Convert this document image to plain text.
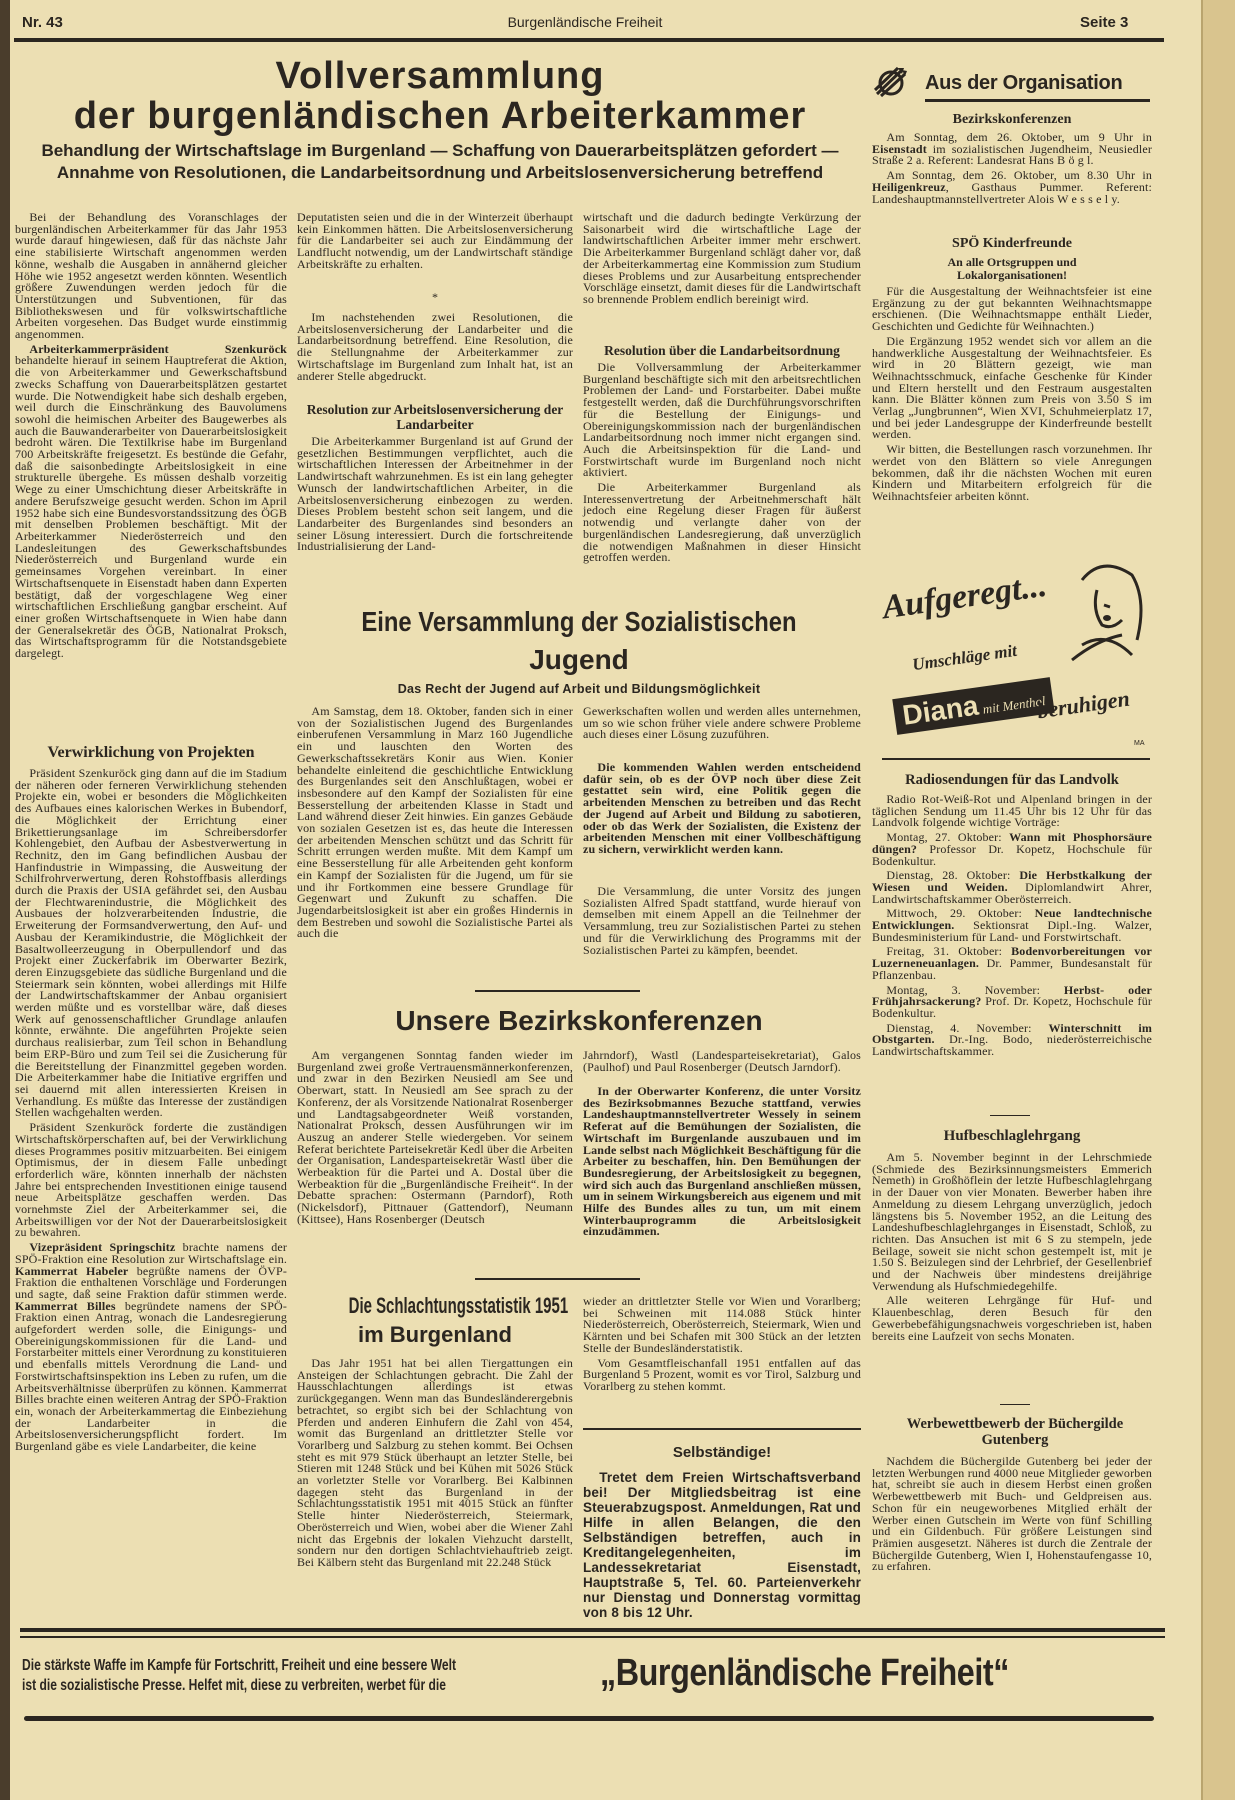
Nr. 43	Burgenländische Freiheit	Seite 3
Vollversammlung
der burgenländischen Arbeiterkammer
Behandlung der Wirtschaftslage im Burgenland — Schaffung von Dauerarbeitsplätzen gefordert — Annahme von Resolutionen, die Landarbeitsordnung und Arbeitslosenversicherung betreffend

Bei der Behandlung des Voranschlages der burgenländischen Arbeiterkammer für das Jahr 1953 wurde darauf hingewiesen, daß für das nächste Jahr eine stabilisierte Wirtschaft angenommen werden könne, weshalb die Ausgaben in annähernd gleicher Höhe wie 1952 angesetzt werden könnten. Wesentlich größere Zuwendungen werden jedoch für die Unterstützungen und Subventionen, für das Bibliothekswesen und für volkswirtschaftliche Arbeiten vorgesehen. Das Budget wurde einstimmig angenommen.

Arbeiterkammerpräsident Szenkuröck behandelte hierauf in seinem Hauptreferat die Aktion, die von Arbeiterkammer und Gewerkschaftsbund zwecks Schaffung von Dauerarbeitsplätzen gestartet wurde. Die Notwendigkeit habe sich deshalb ergeben, weil durch die Einschränkung des Bauvolumens sowohl die heimischen Arbeiter des Baugewerbes als auch die Bauwanderarbeiter von Dauerarbeitslosigkeit bedroht wären. Die Textilkrise habe im Burgenland 700 Arbeitskräfte freigesetzt. Es bestünde die Gefahr, daß die saisonbedingte Arbeitslosigkeit in eine strukturelle übergehe. Es müssen deshalb vorzeitig Wege zu einer Umschichtung dieser Arbeitskräfte in andere Berufszweige gesucht werden. Schon im April 1952 habe sich eine Bundesvorstandssitzung des ÖGB mit denselben Problemen beschäftigt. Mit der Arbeiterkammer Niederösterreich und den Landesleitungen des Gewerkschaftsbundes Niederösterreich und Burgenland wurde ein gemeinsames Vorgehen vereinbart. In einer Wirtschaftsenquete in Eisenstadt haben dann Experten bestätigt, daß der vorgeschlagene Weg einer wirtschaftlichen Erschließung gangbar erscheint. Auf einer großen Wirtschaftsenquete in Wien habe dann der Generalsekretär des ÖGB, Nationalrat Proksch, das Wirtschaftsprogramm für die Notstandsgebiete dargelegt.

Verwirklichung von Projekten

Präsident Szenkuröck ging dann auf die im Stadium der näheren oder ferneren Verwirklichung stehenden Projekte ein, wobei er besonders die Möglichkeiten des Aufbaues eines kalorischen Werkes in Bubendorf, die Möglichkeit der Errichtung einer Brikettierungsanlage im Schreibersdorfer Kohlengebiet, den Aufbau der Asbestverwertung in Rechnitz, den im Gang befindlichen Ausbau der Hanfindustrie in Wimpassing, die Ausweitung der Schilfrohrverwertung, deren Rohstoffbasis allerdings durch die Praxis der USIA gefährdet sei, den Ausbau der Flechtwarenindustrie, die Möglichkeit des Ausbaues der holzverarbeitenden Industrie, die Erweiterung der Formsandverwertung, den Auf- und Ausbau der Keramikindustrie, die Möglichkeit der Basaltwolleerzeugung in Oberpullendorf und das Projekt einer Zuckerfabrik im Oberwarter Bezirk, deren Einzugsgebiete das südliche Burgenland und die Steiermark sein könnten, wobei allerdings mit Hilfe der Landwirtschaftskammer der Anbau organisiert werden müßte und es vorstellbar wäre, daß dieses Werk auf genossenschaftlicher Grundlage anlaufen könnte, erwähnte. Die angeführten Projekte seien durchaus realisierbar, zum Teil schon in Behandlung beim ERP-Büro und zum Teil sei die Zusicherung für die Bereitstellung der Finanzmittel gegeben worden. Die Arbeiterkammer habe die Initiative ergriffen und sei dauernd mit allen interessierten Kreisen in Verhandlung. Es müßte das Interesse der zuständigen Stellen wachgehalten werden.

Präsident Szenkuröck forderte die zuständigen Wirtschaftskörperschaften auf, bei der Verwirklichung dieses Programmes positiv mitzuarbeiten. Bei einigem Optimismus, der in diesem Falle unbedingt erforderlich wäre, könnten innerhalb der nächsten Jahre bei entsprechenden Investitionen einige tausend neue Arbeitsplätze geschaffen werden. Das vornehmste Ziel der Arbeiterkammer sei, die Arbeitswilligen vor der Not der Dauerarbeitslosigkeit zu bewahren.

Vizepräsident Springschitz brachte namens der SPÖ-Fraktion eine Resolution zur Wirtschaftslage ein. Kammerrat Habeler begrüßte namens der ÖVP-Fraktion die enthaltenen Vorschläge und Forderungen und sagte, daß seine Fraktion dafür stimmen werde. Kammerrat Billes begründete namens der SPÖ-Fraktion einen Antrag, wonach die Landesregierung aufgefordert werden solle, die Einigungs- und Obereinigungskommissionen für die Land- und Forstarbeiter mittels einer Verordnung zu konstituieren und ebenfalls mittels Verordnung die Land- und Forstwirtschaftsinspektion ins Leben zu rufen, um die Arbeitsverhältnisse überprüfen zu können. Kammerrat Billes brachte einen weiteren Antrag der SPÖ-Fraktion ein, wonach der Arbeiterkammertag die Einbeziehung der Landarbeiter in die Arbeitslosenversicherungspflicht fordert. Im Burgenland gäbe es viele Landarbeiter, die keine

Deputatisten seien und die in der Winterzeit überhaupt kein Einkommen hätten. Die Arbeitslosenversicherung für die Landarbeiter sei auch zur Eindämmung der Landflucht notwendig, um der Landwirtschaft ständige Arbeitskräfte zu erhalten.

*

Im nachstehenden zwei Resolutionen, die Arbeitslosenversicherung der Landarbeiter und die Landarbeitsordnung betreffend. Eine Resolution, die die Stellungnahme der Arbeiterkammer zur Wirtschaftslage im Burgenland zum Inhalt hat, ist an anderer Stelle abgedruckt.

Resolution zur Arbeitslosenversicherung der Landarbeiter

Die Arbeiterkammer Burgenland ist auf Grund der gesetzlichen Bestimmungen verpflichtet, auch die wirtschaftlichen Interessen der Arbeitnehmer in der Landwirtschaft wahrzunehmen. Es ist ein lang gehegter Wunsch der landwirtschaftlichen Arbeiter, in die Arbeitslosenversicherung einbezogen zu werden. Dieses Problem besteht schon seit langem, und die Landarbeiter des Burgenlandes sind besonders an seiner Lösung interessiert. Durch die fortschreitende Industrialisierung der Land-

wirtschaft und die dadurch bedingte Verkürzung der Saisonarbeit wird die wirtschaftliche Lage der landwirtschaftlichen Arbeiter immer mehr erschwert. Die Arbeiterkammer Burgenland schlägt daher vor, daß der Arbeiterkammertag eine Kommission zum Studium dieses Problems und zur Ausarbeitung entsprechender Vorschläge einsetzt, damit dieses für die Landwirtschaft so brennende Problem endlich bereinigt wird.

Resolution über die Landarbeitsordnung

Die Vollversammlung der Arbeiterkammer Burgenland beschäftigte sich mit den arbeitsrechtlichen Problemen der Land- und Forstarbeiter. Dabei mußte festgestellt werden, daß die Durchführungsvorschriften für die Bestellung der Einigungs- und Obereinigungskommission nach der burgenländischen Landarbeitsordnung noch immer nicht ergangen sind. Auch die Arbeitsinspektion für die Land- und Forstwirtschaft wurde im Burgenland noch nicht aktiviert.

Die Arbeiterkammer Burgenland als Interessenvertretung der Arbeitnehmerschaft hält jedoch eine Regelung dieser Fragen für äußerst notwendig und verlangte daher von der burgenländischen Landesregierung, daß unverzüglich die notwendigen Maßnahmen in dieser Hinsicht getroffen werden.

Eine Versammlung der Sozialistischen
Jugend
Das Recht der Jugend auf Arbeit und Bildungsmöglichkeit

Am Samstag, dem 18. Oktober, fanden sich in einer von der Sozialistischen Jugend des Burgenlandes einberufenen Versammlung in Marz 160 Jugendliche ein und lauschten den Worten des Gewerkschaftssekretärs Konir aus Wien. Konier behandelte einleitend die geschichtliche Entwicklung des Burgenlandes seit den Anschlußtagen, wobei er insbesondere auf den Kampf der Sozialisten für eine Besserstellung der arbeitenden Klasse in Stadt und Land während dieser Zeit hinwies. Ein ganzes Gebäude von sozialen Gesetzen ist es, das heute die Interessen der arbeitenden Menschen schützt und das Schritt für Schritt errungen werden mußte. Mit dem Kampf um eine Besserstellung für alle Arbeitenden geht konform ein Kampf der Sozialisten für die Jugend, um für sie und ihr Fortkommen eine bessere Grundlage für Gegenwart und Zukunft zu schaffen. Die Jugendarbeitslosigkeit ist aber ein großes Hindernis in dem Bestreben und sowohl die Sozialistische Partei als auch die

Gewerkschaften wollen und werden alles unternehmen, um so wie schon früher viele andere schwere Probleme auch dieses einer Lösung zuzuführen.

Die kommenden Wahlen werden entscheidend dafür sein, ob es der ÖVP noch über diese Zeit gestattet sein wird, eine Politik gegen die arbeitenden Menschen zu betreiben und das Recht der Jugend auf Arbeit und Bildung zu sabotieren, oder ob das Werk der Sozialisten, die Existenz der arbeitenden Menschen mit einer Vollbeschäftigung zu sichern, verwirklicht werden kann.

Die Versammlung, die unter Vorsitz des jungen Sozialisten Alfred Spadt stattfand, wurde hierauf von demselben mit einem Appell an die Teilnehmer der Versammlung, treu zur Sozialistischen Partei zu stehen und für die Verwirklichung des Programms mit der Sozialistischen Partei zu kämpfen, beendet.

Unsere Bezirkskonferenzen

Am vergangenen Sonntag fanden wieder im Burgenland zwei große Vertrauensmännerkonferenzen, und zwar in den Bezirken Neusiedl am See und Oberwart, statt. In Neusiedl am See sprach zu der Konferenz, der als Vorsitzende Nationalrat Rosenberger und Landtagsabgeordneter Weiß vorstanden, Nationalrat Proksch, dessen Ausführungen wir im Auszug an anderer Stelle wiedergeben. Vor seinem Referat berichtete Parteisekretär Kedl über die Arbeiten der Organisation, Landesparteisekretär Wastl über die Werbeaktion für die Partei und A. Dostal über die Werbeaktion für die „Burgenländische Freiheit“. In der Debatte sprachen: Ostermann (Parndorf), Roth (Nickelsdorf), Pittnauer (Gattendorf), Neumann (Kittsee), Hans Rosenberger (Deutsch

Jahrndorf), Wastl (Landesparteisekretariat), Galos (Paulhof) und Paul Rosenberger (Deutsch Jarndorf).

In der Oberwarter Konferenz, die unter Vorsitz des Bezirksobmannes Bezuche stattfand, verwies Landeshauptmannstellvertreter Wessely in seinem Referat auf die Bemühungen der Sozialisten, die Wirtschaft im Burgenlande auszubauen und im Lande selbst nach Möglichkeit Beschäftigung für die Arbeiter zu beschaffen, hin. Den Bemühungen der Bundesregierung, der Arbeitslosigkeit zu begegnen, wird sich auch das Burgenland anschließen müssen, um in seinem Wirkungsbereich aus eigenem und mit Hilfe des Bundes alles zu tun, um mit einem Winterbauprogramm die Arbeitslosigkeit einzudämmen.

Die Schlachtungsstatistik 1951
im Burgenland

Das Jahr 1951 hat bei allen Tiergattungen ein Ansteigen der Schlachtungen gebracht. Die Zahl der Hausschlachtungen allerdings ist etwas zurückgegangen. Wenn man das Bundesländerergebnis betrachtet, so ergibt sich bei der Schlachtung von Pferden und anderen Einhufern die Zahl von 454, womit das Burgenland an drittletzter Stelle vor Vorarlberg und Salzburg zu stehen kommt. Bei Ochsen steht es mit 979 Stück überhaupt an letzter Stelle, bei Stieren mit 1248 Stück und bei Kühen mit 5026 Stück an vorletzter Stelle vor Vorarlberg. Bei Kalbinnen dagegen steht das Burgenland in der Schlachtungsstatistik 1951 mit 4015 Stück an fünfter Stelle hinter Niederösterreich, Steiermark, Oberösterreich und Wien, wobei aber die Wiener Zahl nicht das Ergebnis der lokalen Viehzucht darstellt, sondern nur den dortigen Schlachtviehauftrieb zeigt. Bei Kälbern steht das Burgenland mit 22.248 Stück

wieder an drittletzter Stelle vor Wien und Vorarlberg; bei Schweinen mit 114.088 Stück hinter Niederösterreich, Oberösterreich, Steiermark, Wien und Kärnten und bei Schafen mit 300 Stück an der letzten Stelle der Bundesländerstatistik.

Vom Gesamtfleischanfall 1951 entfallen auf das Burgenland 5 Prozent, womit es vor Tirol, Salzburg und Vorarlberg zu stehen kommt.

Selbständige!

Tretet dem Freien Wirtschaftsverband bei! Der Mitgliedsbeitrag ist eine Steuerabzugspost. Anmeldungen, Rat und Hilfe in allen Belangen, die den Selbständigen betreffen, auch in Kreditangelegenheiten, im Landessekretariat Eisenstadt, Hauptstraße 5, Tel. 60. Parteienverkehr nur Dienstag und Donnerstag vormittag von 8 bis 12 Uhr.

Aus der Organisation
Bezirkskonferenzen

Am Sonntag, dem 26. Oktober, um 9 Uhr in Eisenstadt im sozialistischen Jugendheim, Neusiedler Straße 2 a. Referent: Landesrat Hans B ö g l.

Am Sonntag, dem 26. Oktober, um 8.30 Uhr in Heiligenkreuz, Gasthaus Pummer. Referent: Landeshauptmannstellvertreter Alois W e s s e l y.

SPÖ Kinderfreunde
An alle Ortsgruppen und Lokalorganisationen!

Für die Ausgestaltung der Weihnachtsfeier ist eine Ergänzung zu der gut bekannten Weihnachtsmappe erschienen. (Die Weihnachtsmappe enthält Lieder, Geschichten und Gedichte für Weihnachten.)

Die Ergänzung 1952 wendet sich vor allem an die handwerkliche Ausgestaltung der Weihnachtsfeier. Es wird in 20 Blättern gezeigt, wie man Weihnachtsschmuck, einfache Geschenke für Kinder und Eltern herstellt und den Festraum ausgestalten kann. Die Blätter können zum Preis von 3.50 S im Verlag „Jungbrunnen“, Wien XVI, Schuhmeierplatz 17, und bei jeder Landesgruppe der Kinderfreunde bestellt werden.

Wir bitten, die Bestellungen rasch vorzunehmen. Ihr werdet von den Blättern so viele Anregungen bekommen, daß ihr die nächsten Wochen mit euren Kindern und Mitarbeitern erfolgreich für die Weihnachtsfeier arbeiten könnt.

Aufgeregt...
Umschläge mit
Diana mit Menthol
beruhigen
MA
Radiosendungen für das Landvolk

Radio Rot-Weiß-Rot und Alpenland bringen in der täglichen Sendung um 11.45 Uhr bis 12 Uhr für das Landvolk folgende wichtige Vorträge:

Montag, 27. Oktober: Wann mit Phosphorsäure düngen? Professor Dr. Kopetz, Hochschule für Bodenkultur.

Dienstag, 28. Oktober: Die Herbstkalkung der Wiesen und Weiden. Diplomlandwirt Ahrer, Landwirtschaftskammer Oberösterreich.

Mittwoch, 29. Oktober: Neue landtechnische Entwicklungen. Sektionsrat Dipl.-Ing. Walzer, Bundesministerium für Land- und Forstwirtschaft.

Freitag, 31. Oktober: Bodenvorbereitungen vor Luzerneneuanlagen. Dr. Pammer, Bundesanstalt für Pflanzenbau.

Montag, 3. November: Herbst- oder Frühjahrsackerung? Prof. Dr. Kopetz, Hochschule für Bodenkultur.

Dienstag, 4. November: Winterschnitt im Obstgarten. Dr.-Ing. Bodo, niederösterreichische Landwirtschaftskammer.

Hufbeschlaglehrgang

Am 5. November beginnt in der Lehrschmiede (Schmiede des Bezirksinnungsmeisters Emmerich Nemeth) in Großhöflein der letzte Hufbeschlaglehrgang in der Dauer von vier Monaten. Bewerber haben ihre Anmeldung zu diesem Lehrgang unverzüglich, jedoch längstens bis 5. November 1952, an die Leitung des Landeshufbeschlaglehrganges in Eisenstadt, Schloß, zu richten. Das Ansuchen ist mit 6 S zu stempeln, jede Beilage, soweit sie nicht schon gestempelt ist, mit je 1.50 S. Beizulegen sind der Lehrbrief, der Gesellenbrief und der Nachweis über mindestens dreijährige Verwendung als Hufschmiedegehilfe.

Alle weiteren Lehrgänge für Huf- und Klauenbeschlag, deren Besuch für den Gewerbebefähigungsnachweis vorgeschrieben ist, haben bereits eine Laufzeit von sechs Monaten.

Werbewettbewerb der Büchergilde Gutenberg

Nachdem die Büchergilde Gutenberg bei jeder der letzten Werbungen rund 4000 neue Mitglieder geworben hat, schreibt sie auch in diesem Herbst einen großen Werbewettbewerb mit Buch- und Geldpreisen aus. Schon für ein neugeworbenes Mitglied erhält der Werber einen Gutschein im Werte von fünf Schilling und ein Gildenbuch. Für größere Leistungen sind Prämien ausgesetzt. Näheres ist durch die Zentrale der Büchergilde Gutenberg, Wien I, Hohenstaufengasse 10, zu erfahren.

Die stärkste Waffe im Kampfe für Fortschritt, Freiheit und eine bessere Welt
ist die sozialistische Presse. Helfet mit, diese zu verbreiten, werbet für die	„Burgenländische Freiheit“
